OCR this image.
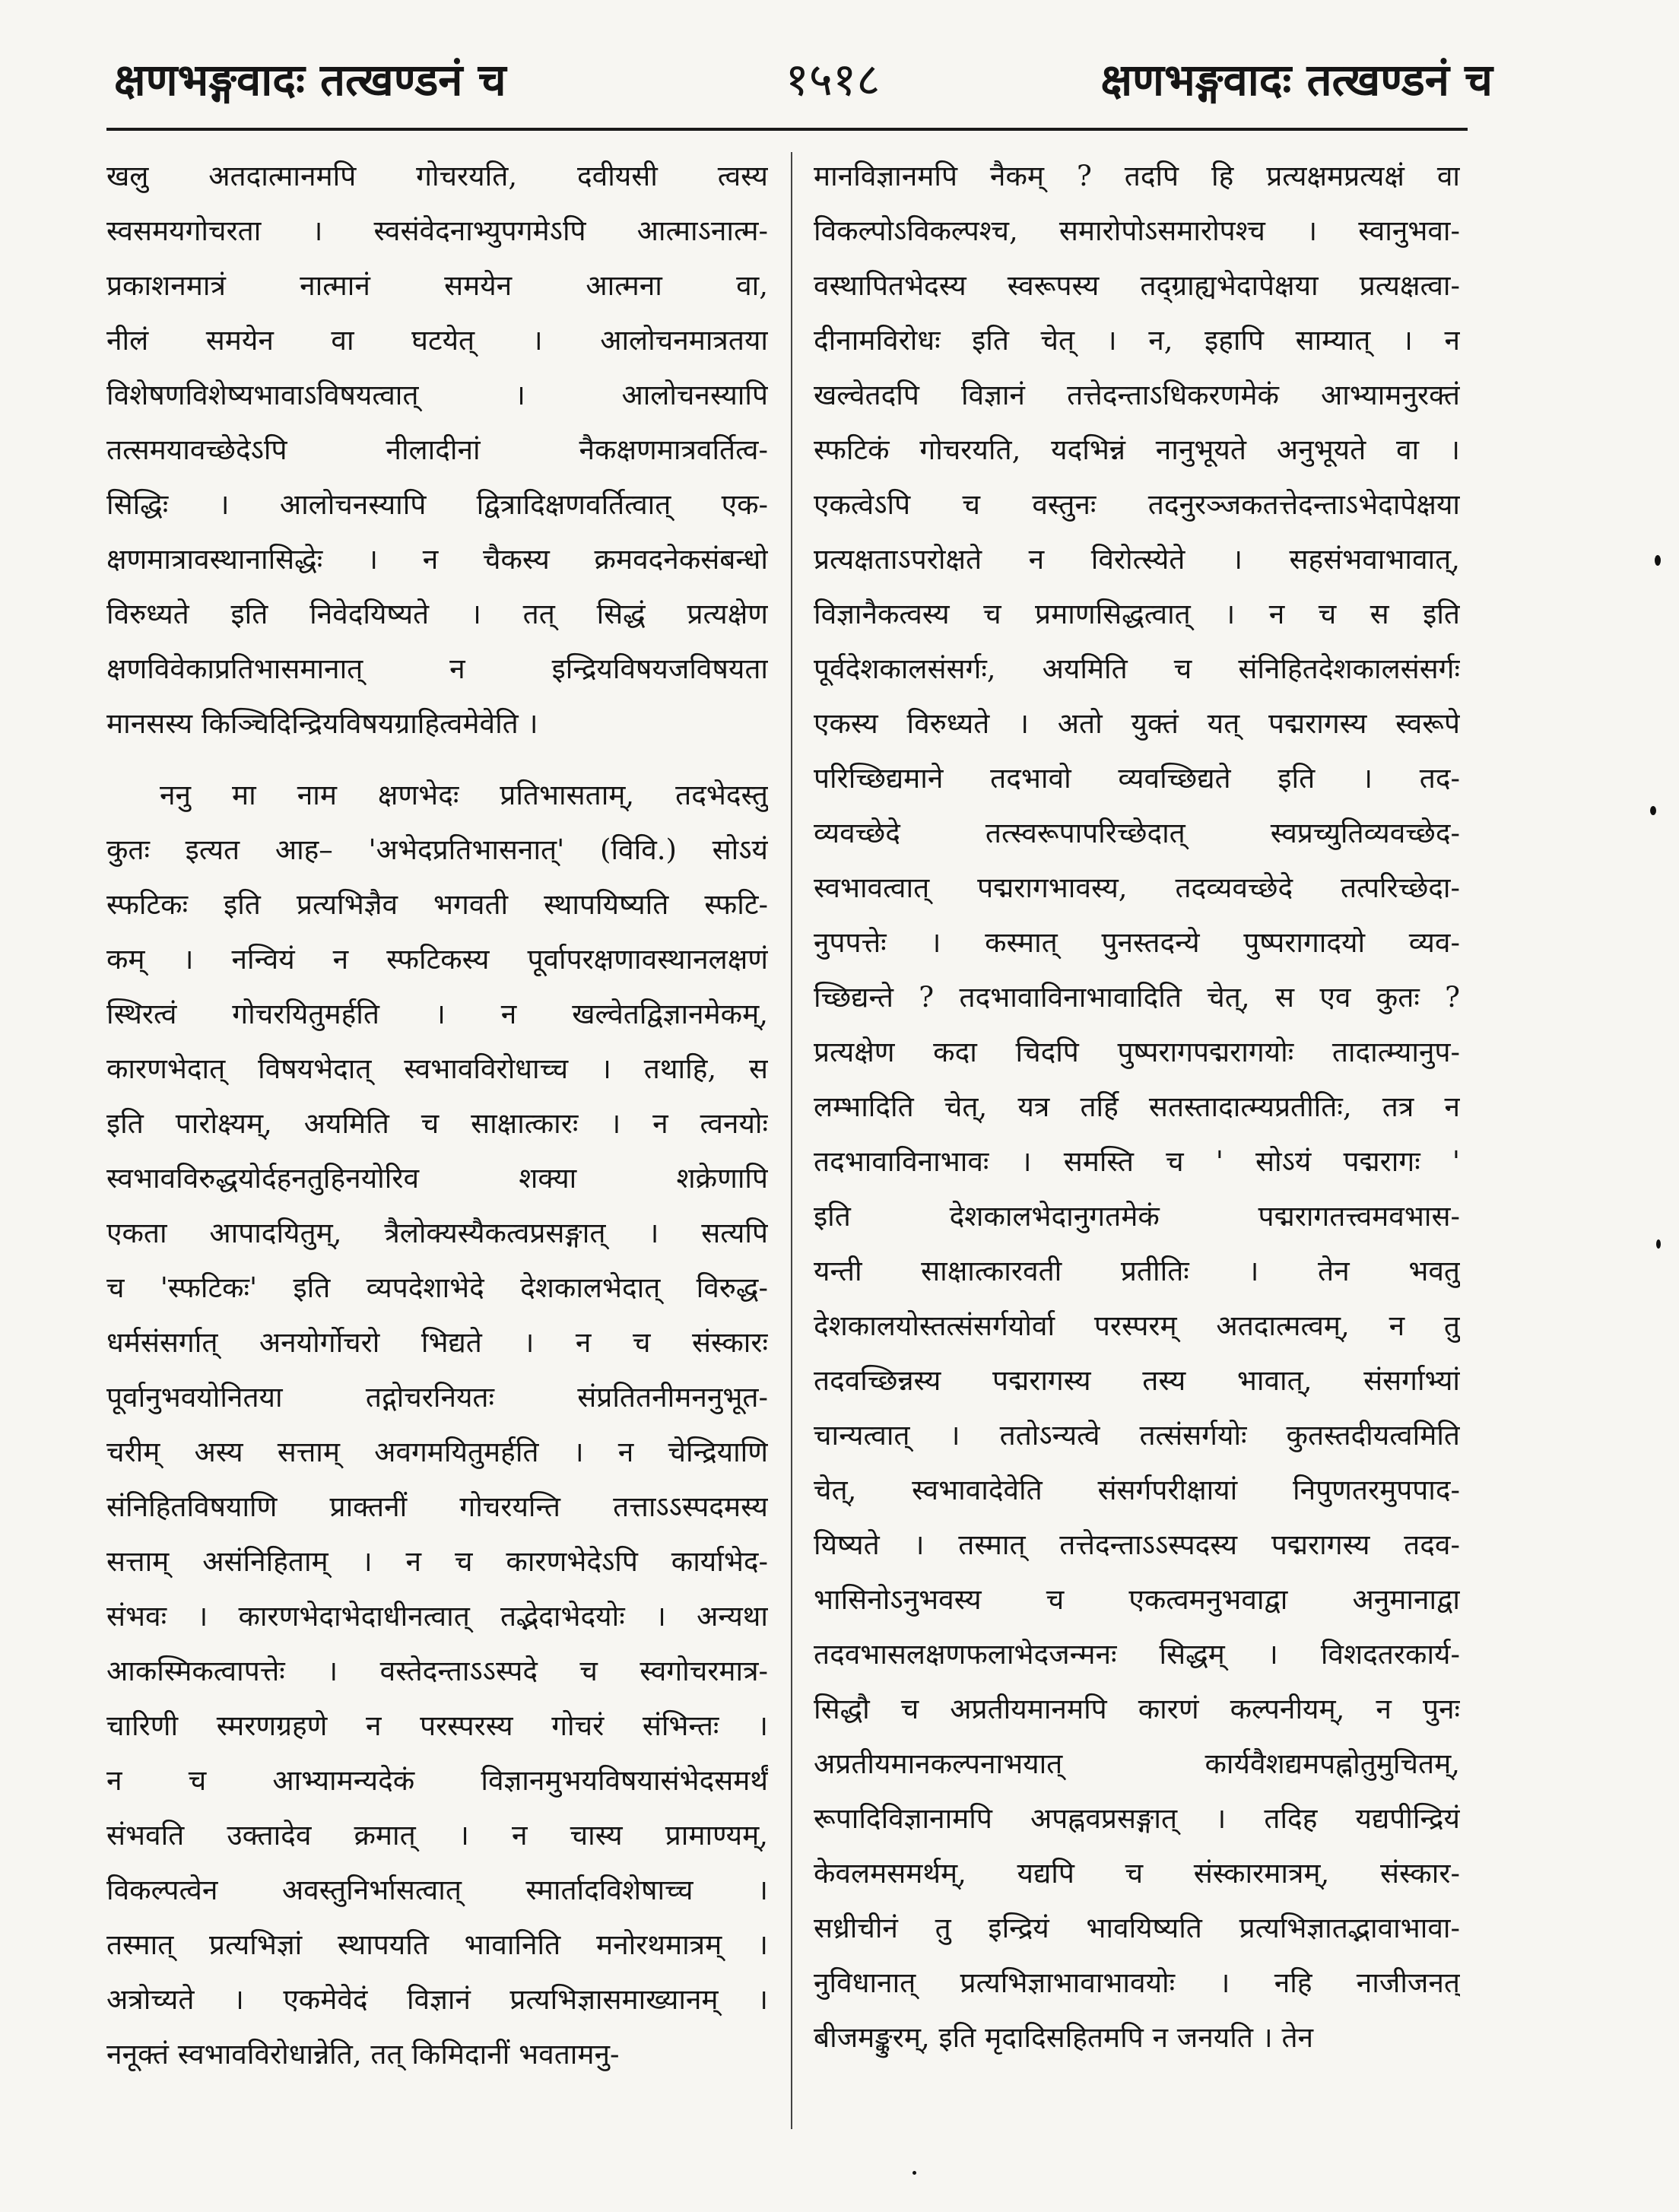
क्षणभङ्गवादः तत्खण्डनं च	१५१८	क्षणभङ्गवादः तत्खण्डनं च
खलु अतदात्मानमपि गोचरयति, दवीयसी त्वस्य
स्वसमयगोचरता । स्वसंवेदनाभ्युपगमेऽपि आत्माऽनात्म-
प्रकाशनमात्रं नात्मानं समयेन आत्मना वा,
नीलं समयेन वा घटयेत् । आलोचनमात्रतया
विशेषणविशेष्यभावाऽविषयत्वात् । आलोचनस्यापि
तत्समयावच्छेदेऽपि नीलादीनां नैकक्षणमात्रवर्तित्व-
सिद्धिः । आलोचनस्यापि द्वित्रादिक्षणवर्तित्वात् एक-
क्षणमात्रावस्थानासिद्धेः । न चैकस्य क्रमवदनेकसंबन्धो
विरुध्यते इति निवेदयिष्यते । तत् सिद्धं प्रत्यक्षेण
क्षणविवेकाप्रतिभासमानात् न इन्द्रियविषयजविषयता
मानसस्य किञ्चिदिन्द्रियविषयग्राहित्वमेवेति ।
ननु मा नाम क्षणभेदः प्रतिभासताम्, तदभेदस्तु
कुतः इत्यत आह– 'अभेदप्रतिभासनात्' (विवि.) सोऽयं
स्फटिकः इति प्रत्यभिज्ञैव भगवती स्थापयिष्यति स्फटि-
कम् । नन्वियं न स्फटिकस्य पूर्वापरक्षणावस्थानलक्षणं
स्थिरत्वं गोचरयितुमर्हति । न खल्वेतद्विज्ञानमेकम्,
कारणभेदात् विषयभेदात् स्वभावविरोधाच्च । तथाहि, स
इति पारोक्ष्यम्, अयमिति च साक्षात्कारः । न त्वनयोः
स्वभावविरुद्धयोर्दहनतुहिनयोरिव शक्या शक्रेणापि
एकता आपादयितुम्, त्रैलोक्यस्यैकत्वप्रसङ्गात् । सत्यपि
च 'स्फटिकः' इति व्यपदेशाभेदे देशकालभेदात् विरुद्ध-
धर्मसंसर्गात् अनयोर्गोचरो भिद्यते । न च संस्कारः
पूर्वानुभवयोनितया तद्गोचरनियतः संप्रतितनीमननुभूत-
चरीम् अस्य सत्ताम् अवगमयितुमर्हति । न चेन्द्रियाणि
संनिहितविषयाणि प्राक्तनीं गोचरयन्ति तत्ताऽऽस्पदमस्य
सत्ताम् असंनिहिताम् । न च कारणभेदेऽपि कार्याभेद-
संभवः । कारणभेदाभेदाधीनत्वात् तद्भेदाभेदयोः । अन्यथा
आकस्मिकत्वापत्तेः । वस्तेदन्ताऽऽस्पदे च स्वगोचरमात्र-
चारिणी स्मरणग्रहणे न परस्परस्य गोचरं संभिन्तः ।
न च आभ्यामन्यदेकं विज्ञानमुभयविषयासंभेदसमर्थं
संभवति उक्तादेव क्रमात् । न चास्य प्रामाण्यम्,
विकल्पत्वेन अवस्तुनिर्भासत्वात् स्मार्तादविशेषाच्च ।
तस्मात् प्रत्यभिज्ञां स्थापयति भावानिति मनोरथमात्रम् ।
अत्रोच्यते । एकमेवेदं विज्ञानं प्रत्यभिज्ञासमाख्यानम् ।
ननूक्तं स्वभावविरोधान्नेति, तत् किमिदानीं भवतामनु-
मानविज्ञानमपि नैकम् ? तदपि हि प्रत्यक्षमप्रत्यक्षं वा
विकल्पोऽविकल्पश्च, समारोपोऽसमारोपश्च । स्वानुभवा-
वस्थापितभेदस्य स्वरूपस्य तद्ग्राह्यभेदापेक्षया प्रत्यक्षत्वा-
दीनामविरोधः इति चेत् । न, इहापि साम्यात् । न
खल्वेतदपि विज्ञानं तत्तेदन्ताऽधिकरणमेकं आभ्यामनुरक्तं
स्फटिकं गोचरयति, यदभिन्नं नानुभूयते अनुभूयते वा ।
एकत्वेऽपि च वस्तुनः तदनुरञ्जकतत्तेदन्ताऽभेदापेक्षया
प्रत्यक्षताऽपरोक्षते न विरोत्स्येते । सहसंभवाभावात्,
विज्ञानैकत्वस्य च प्रमाणसिद्धत्वात् । न च स इति
पूर्वदेशकालसंसर्गः, अयमिति च संनिहितदेशकालसंसर्गः
एकस्य विरुध्यते । अतो युक्तं यत् पद्मरागस्य स्वरूपे
परिच्छिद्यमाने तदभावो व्यवच्छिद्यते इति । तद-
व्यवच्छेदे तत्स्वरूपापरिच्छेदात् स्वप्रच्युतिव्यवच्छेद-
स्वभावत्वात् पद्मरागभावस्य, तदव्यवच्छेदे तत्परिच्छेदा-
नुपपत्तेः । कस्मात् पुनस्तदन्ये पुष्परागादयो व्यव-
च्छिद्यन्ते ? तदभावाविनाभावादिति चेत्, स एव कुतः ?
प्रत्यक्षेण कदा चिदपि पुष्परागपद्मरागयोः तादात्म्यानुप-
लम्भादिति चेत्, यत्र तर्हि सतस्तादात्म्यप्रतीतिः, तत्र न
तदभावाविनाभावः । समस्ति च ' सोऽयं पद्मरागः '
इति देशकालभेदानुगतमेकं पद्मरागतत्त्वमवभास-
यन्ती साक्षात्कारवती प्रतीतिः । तेन भवतु
देशकालयोस्तत्संसर्गयोर्वा परस्परम् अतदात्मत्वम्, न तु
तदवच्छिन्नस्य पद्मरागस्य तस्य भावात्, संसर्गाभ्यां
चान्यत्वात् । ततोऽन्यत्वे तत्संसर्गयोः कुतस्तदीयत्वमिति
चेत्, स्वभावादेवेति संसर्गपरीक्षायां निपुणतरमुपपाद-
यिष्यते । तस्मात् तत्तेदन्ताऽऽस्पदस्य पद्मरागस्य तदव-
भासिनोऽनुभवस्य च एकत्वमनुभवाद्वा अनुमानाद्वा
तदवभासलक्षणफलाभेदजन्मनः सिद्धम् । विशदतरकार्य-
सिद्धौ च अप्रतीयमानमपि कारणं कल्पनीयम्, न पुनः
अप्रतीयमानकल्पनाभयात् कार्यवैशद्यमपह्नोतुमुचितम्,
रूपादिविज्ञानामपि अपह्नवप्रसङ्गात् । तदिह यद्यपीन्द्रियं
केवलमसमर्थम्, यद्यपि च संस्कारमात्रम्, संस्कार-
सध्रीचीनं तु इन्द्रियं भावयिष्यति प्रत्यभिज्ञातद्भावाभावा-
नुविधानात् प्रत्यभिज्ञाभावाभावयोः । नहि नाजीजनत्
बीजमङ्कुरम्, इति मृदादिसहितमपि न जनयति । तेन
